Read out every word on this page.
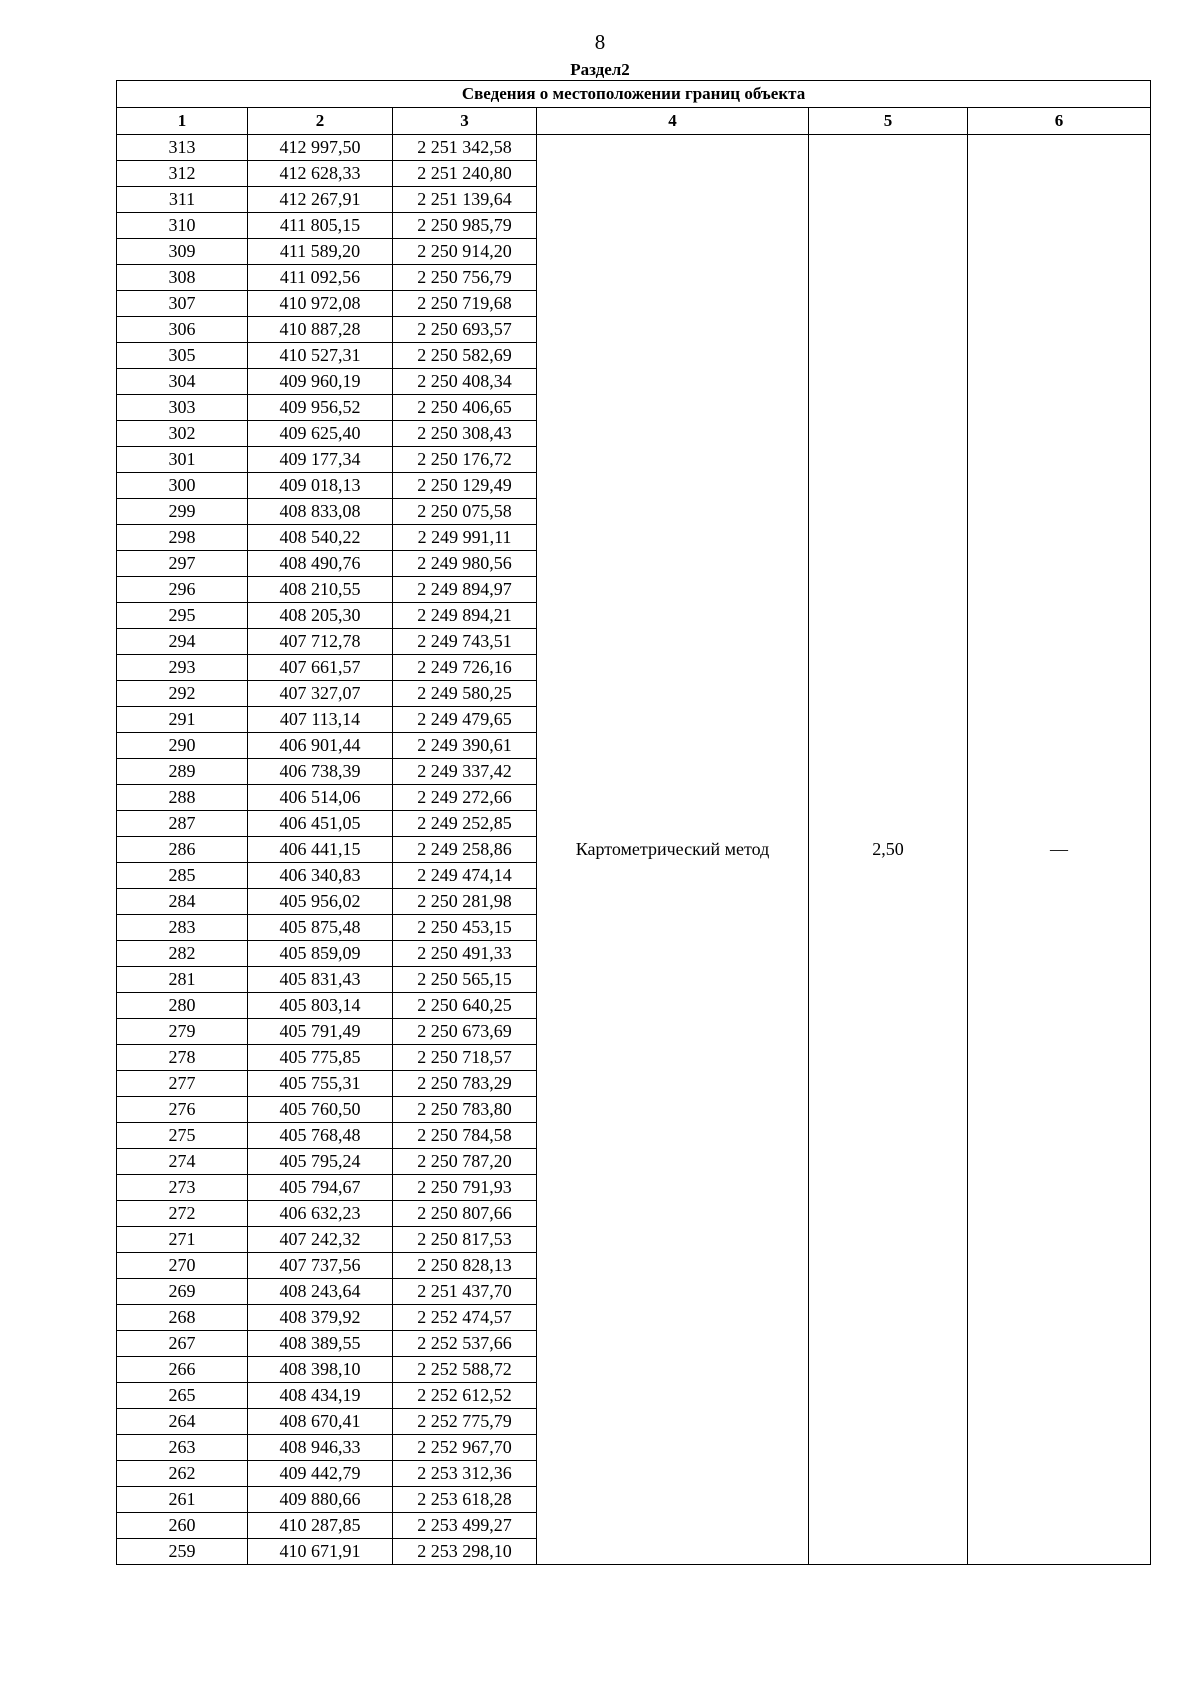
8
Раздел2
Сведения о местоположении границ объекта					
1	2	3	4	5	6
313	412 997,50	2 251 342,58	Картометрический метод	2,50	—
312	412 628,33	2 251 240,80			
311	412 267,91	2 251 139,64			
310	411 805,15	2 250 985,79			
309	411 589,20	2 250 914,20			
308	411 092,56	2 250 756,79			
307	410 972,08	2 250 719,68			
306	410 887,28	2 250 693,57			
305	410 527,31	2 250 582,69			
304	409 960,19	2 250 408,34			
303	409 956,52	2 250 406,65			
302	409 625,40	2 250 308,43			
301	409 177,34	2 250 176,72			
300	409 018,13	2 250 129,49			
299	408 833,08	2 250 075,58			
298	408 540,22	2 249 991,11			
297	408 490,76	2 249 980,56			
296	408 210,55	2 249 894,97			
295	408 205,30	2 249 894,21			
294	407 712,78	2 249 743,51			
293	407 661,57	2 249 726,16			
292	407 327,07	2 249 580,25			
291	407 113,14	2 249 479,65			
290	406 901,44	2 249 390,61			
289	406 738,39	2 249 337,42			
288	406 514,06	2 249 272,66			
287	406 451,05	2 249 252,85			
286	406 441,15	2 249 258,86			
285	406 340,83	2 249 474,14			
284	405 956,02	2 250 281,98			
283	405 875,48	2 250 453,15			
282	405 859,09	2 250 491,33			
281	405 831,43	2 250 565,15			
280	405 803,14	2 250 640,25			
279	405 791,49	2 250 673,69			
278	405 775,85	2 250 718,57			
277	405 755,31	2 250 783,29			
276	405 760,50	2 250 783,80			
275	405 768,48	2 250 784,58			
274	405 795,24	2 250 787,20			
273	405 794,67	2 250 791,93			
272	406 632,23	2 250 807,66			
271	407 242,32	2 250 817,53			
270	407 737,56	2 250 828,13			
269	408 243,64	2 251 437,70			
268	408 379,92	2 252 474,57			
267	408 389,55	2 252 537,66			
266	408 398,10	2 252 588,72			
265	408 434,19	2 252 612,52			
264	408 670,41	2 252 775,79			
263	408 946,33	2 252 967,70			
262	409 442,79	2 253 312,36			
261	409 880,66	2 253 618,28			
260	410 287,85	2 253 499,27			
259	410 671,91	2 253 298,10			
